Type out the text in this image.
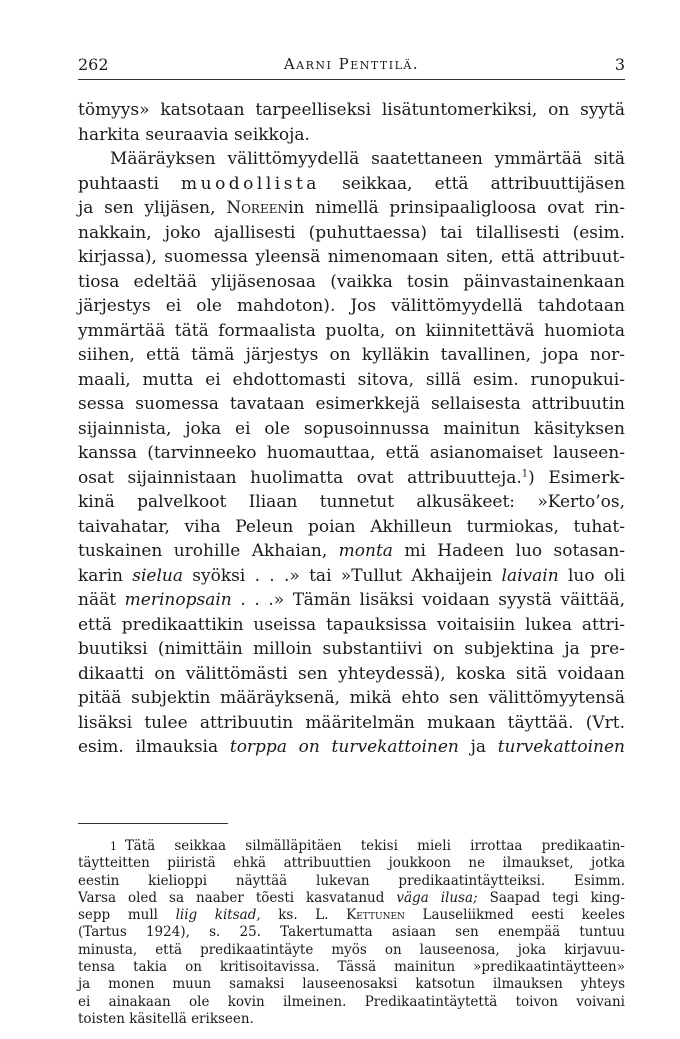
262	Aarni Penttilä.	3

tömyys» katsotaan tarpeelliseksi lisätuntomerkiksi, on syytä
harkita seuraavia seikkoja.

Määräyksen välittömyydellä saatettaneen ymmärtää sitä
puhtaasti muodollista seikkaa, että attribuuttijäsen
ja sen ylijäsen, Noreenin nimellä prinsipaaligloosa ovat rin-
nakkain, joko ajallisesti (puhuttaessa) tai tilallisesti (esim.
kirjassa), suomessa yleensä nimenomaan siten, että attribuut-
tiosa edeltää ylijäsenosaa (vaikka tosin päinvastainenkaan
järjestys ei ole mahdoton). Jos välittömyydellä tahdotaan
ymmärtää tätä formaalista puolta, on kiinnitettävä huomiota
siihen, että tämä järjestys on kylläkin tavallinen, jopa nor-
maali, mutta ei ehdottomasti sitova, sillä esim. runopukui-
sessa suomessa tavataan esimerkkejä sellaisesta attribuutin
sijainnista, joka ei ole sopusoinnussa mainitun käsityksen
kanssa (tarvinneeko huomauttaa, että asianomaiset lauseen-
osat sijainnistaan huolimatta ovat attribuutteja.$^1$) Esimerk-
kinä palvelkoot Iliaan tunnetut alkusäkeet: »Kerto’os,
taivahatar, viha Peleun poian Akhilleun turmiokas, tuhat-
tuskainen urohille Akhaian, monta mi Hadeen luo sotasan-
karin sielua syöksi . . .» tai »Tullut Akhaijein laivain luo oli
näät merinopsain . . .» Tämän lisäksi voidaan syystä väittää,
että predikaattikin useissa tapauksissa voitaisiin lukea attri-
buutiksi (nimittäin milloin substantiivi on subjektina ja pre-
dikaatti on välittömästi sen yhteydessä), koska sitä voidaan
pitää subjektin määräyksenä, mikä ehto sen välittömyytensä
lisäksi tulee attribuutin määritelmän mukaan täyttää. (Vrt.
esim. ilmauksia torppa on turvekattoinen ja turvekattoinen

1 Tätä seikkaa silmälläpitäen tekisi mieli irrottaa predikaatin-
täytteitten piiristä ehkä attribuuttien joukkoon ne ilmaukset, jotka
eestin kielioppi näyttää lukevan predikaatintäytteiksi. Esimm.
Varsa oled sa naaber tõesti kasvatanud väga ilusa; Saapad tegi king-
sepp mull liig kitsad, ks. L. Kettunen Lauseliikmed eesti keeles
(Tartus 1924), s. 25. Takertumatta asiaan sen enempää tuntuu
minusta, että predikaatintäyte myös on lauseenosa, joka kirjavuu-
tensa takia on kritisoitavissa. Tässä mainitun »predikaatintäytteen»
ja monen muun samaksi lauseenosaksi katsotun ilmauksen yhteys
ei ainakaan ole kovin ilmeinen. Predikaatintäytettä toivon voivani
toisten käsitellä erikseen.
